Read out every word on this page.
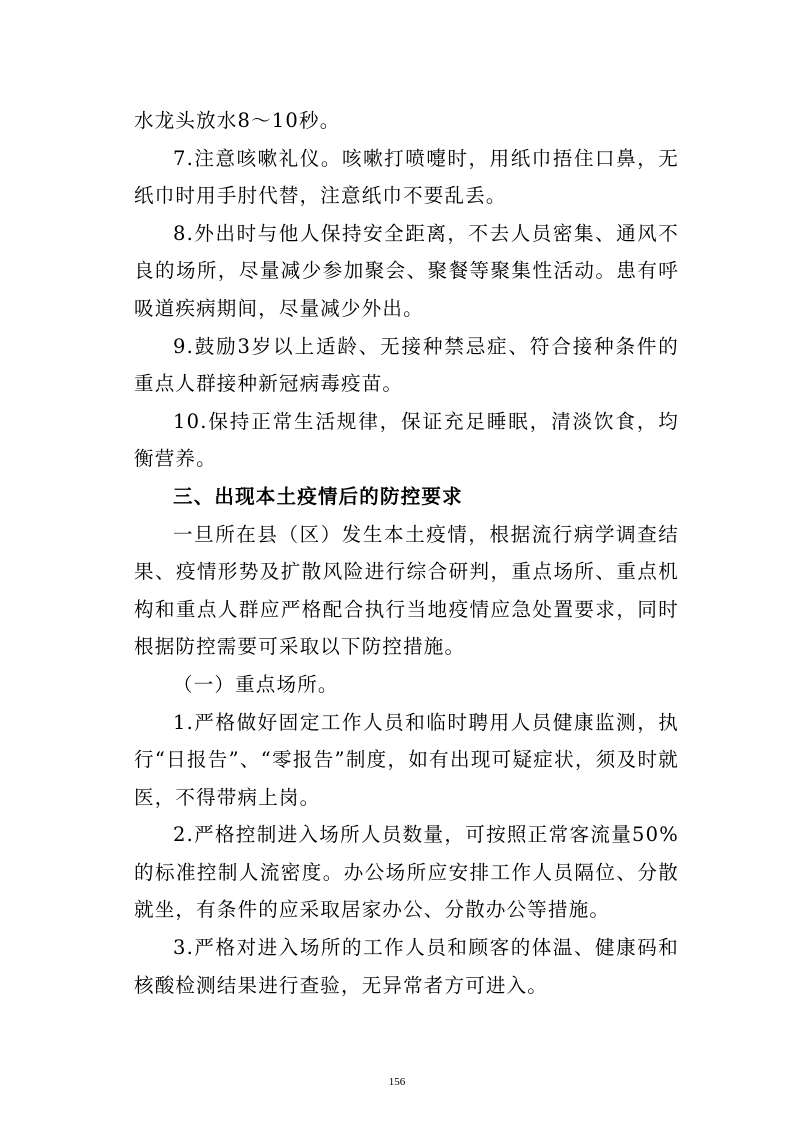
水龙头放水8～10秒。

7.注意咳嗽礼仪。咳嗽打喷嚏时，用纸巾捂住口鼻，无纸巾时用手肘代替，注意纸巾不要乱丢。

8.外出时与他人保持安全距离，不去人员密集、通风不良的场所，尽量减少参加聚会、聚餐等聚集性活动。患有呼吸道疾病期间，尽量减少外出。

9.鼓励3岁以上适龄、无接种禁忌症、符合接种条件的重点人群接种新冠病毒疫苗。

10.保持正常生活规律，保证充足睡眠，清淡饮食，均衡营养。

三、出现本土疫情后的防控要求

一旦所在县（区）发生本土疫情，根据流行病学调查结果、疫情形势及扩散风险进行综合研判，重点场所、重点机构和重点人群应严格配合执行当地疫情应急处置要求，同时根据防控需要可采取以下防控措施。

（一）重点场所。

1.严格做好固定工作人员和临时聘用人员健康监测，执行“日报告”、“零报告”制度，如有出现可疑症状，须及时就医，不得带病上岗。

2.严格控制进入场所人员数量，可按照正常客流量50%的标准控制人流密度。办公场所应安排工作人员隔位、分散就坐，有条件的应采取居家办公、分散办公等措施。

3.严格对进入场所的工作人员和顾客的体温、健康码和核酸检测结果进行查验，无异常者方可进入。

156
